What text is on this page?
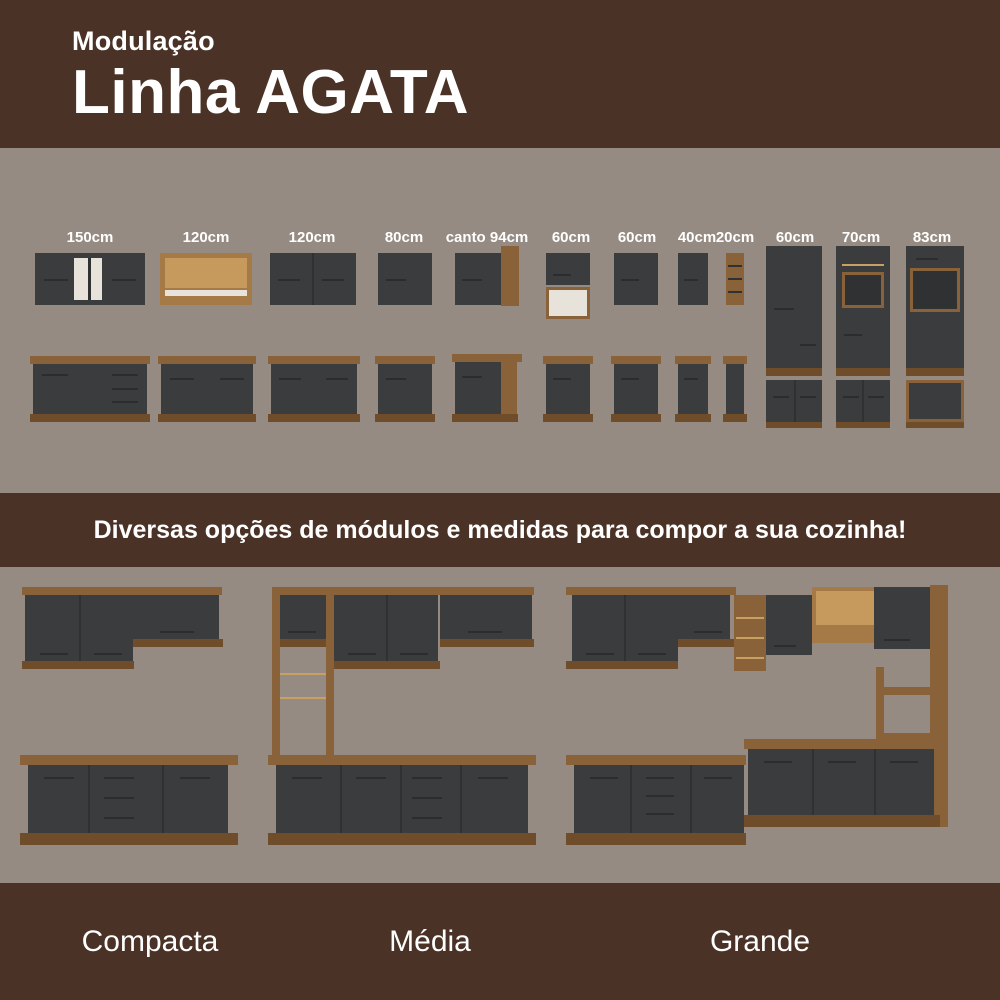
Modulação
Linha AGATA
150cm	120cm	120cm	80cm	canto 94cm	60cm	60cm	40cm 20cm	60cm	70cm	83cm
Diversas opções de módulos e medidas para compor a sua cozinha!
Compacta	Média	Grande
